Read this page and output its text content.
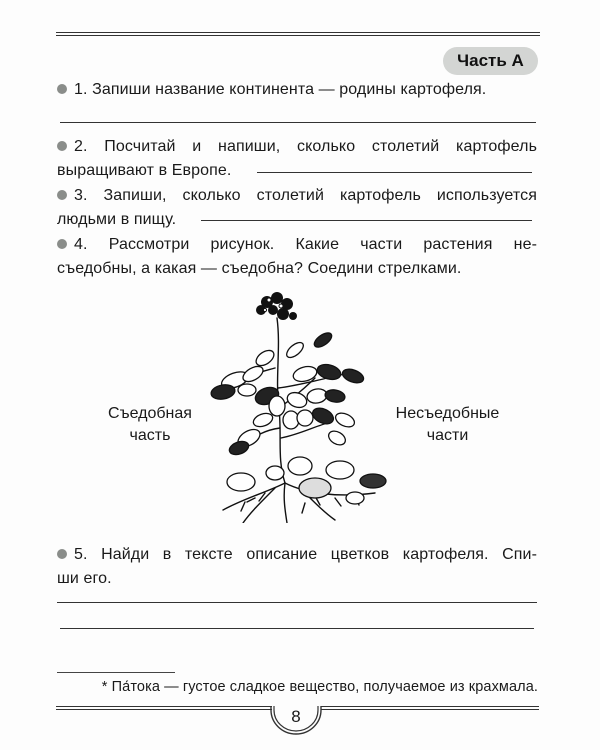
Часть А
1. Запиши название континента — родины картофеля.
2. Посчитай и напиши, сколько столетий картофель
выращивают в Европе.
3. Запиши, сколько столетий картофель используется
людьми в пищу.
4. Рассмотри рисунок. Какие части растения не-
съедобны, а какая — съедобна? Соедини стрелками.
Съедобная
часть
Несъедобные
части
5. Найди в тексте описание цветков картофеля. Спи-
ши его.
* Па́тока — густое сладкое вещество, получаемое из крахмала.
8
